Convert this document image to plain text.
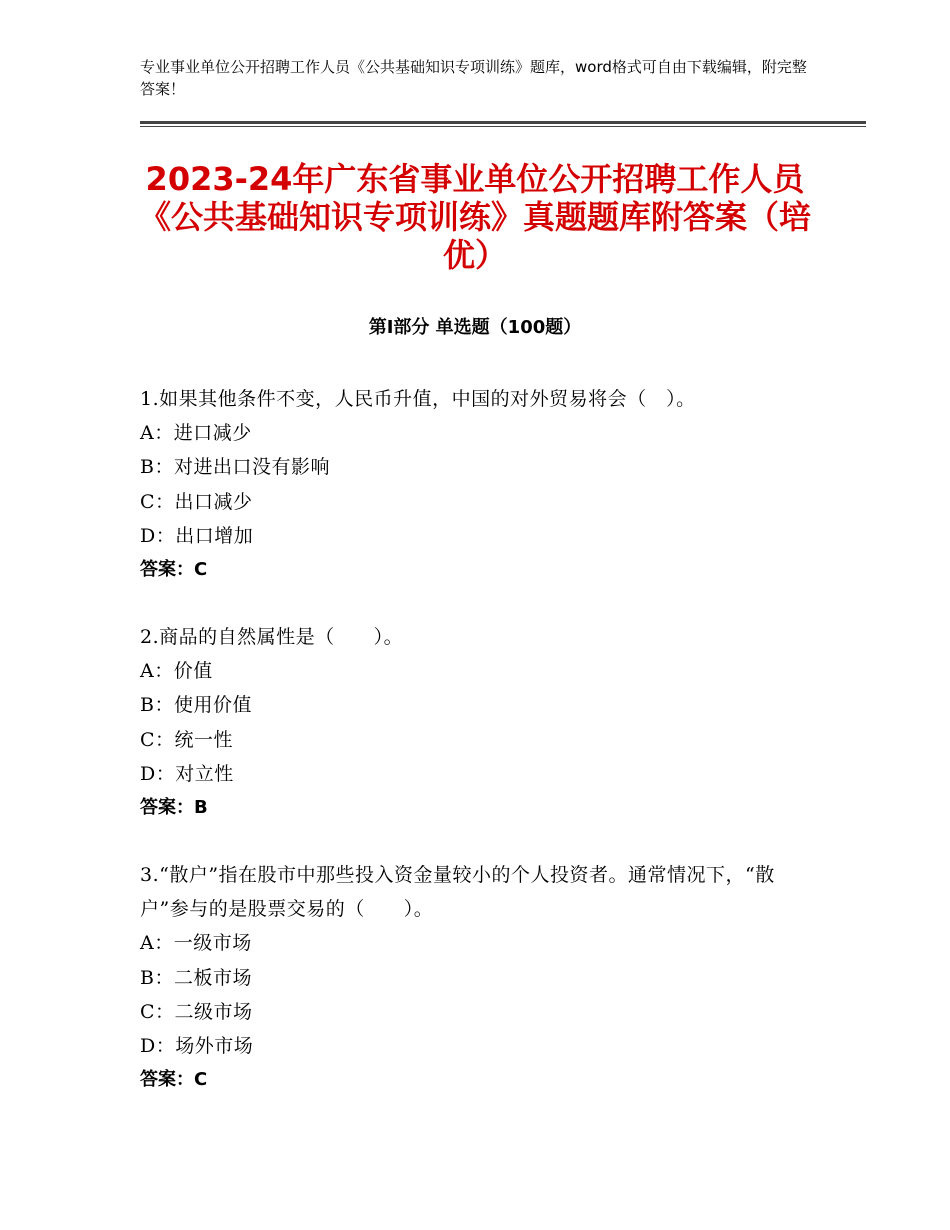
专业事业单位公开招聘工作人员《公共基础知识专项训练》题库，word格式可自由下载编辑，附完整答案！
2023-24年广东省事业单位公开招聘工作人员《公共基础知识专项训练》真题题库附答案（培优）
第Ⅰ部分 单选题（100题）
1.如果其他条件不变，人民币升值，中国的对外贸易将会（　）。
A：进口减少
B：对进出口没有影响
C：出口减少
D：出口增加
答案：C
2.商品的自然属性是（　　）。
A：价值
B：使用价值
C：统一性
D：对立性
答案：B
3.“散户”指在股市中那些投入资金量较小的个人投资者。通常情况下，“散户”参与的是股票交易的（　　）。
A：一级市场
B：二板市场
C：二级市场
D：场外市场
答案：C
